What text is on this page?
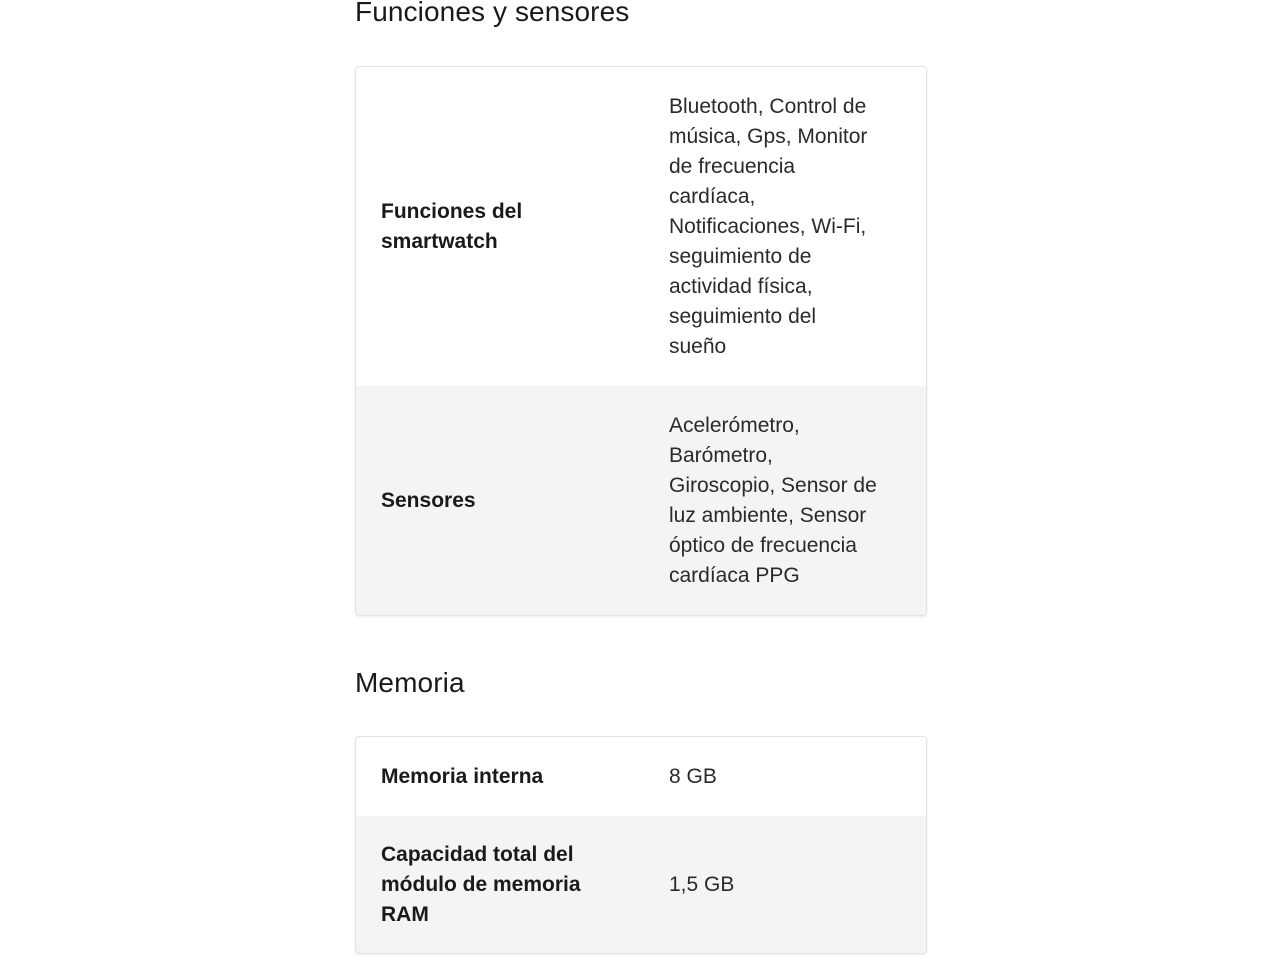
Funciones y sensores
Funciones del
smartwatch
Bluetooth, Control de
música, Gps, Monitor
de frecuencia
cardíaca,
Notificaciones, Wi-Fi,
seguimiento de
actividad física,
seguimiento del
sueño
Sensores
Acelerómetro,
Barómetro,
Giroscopio, Sensor de
luz ambiente, Sensor
óptico de frecuencia
cardíaca PPG
Memoria
Memoria interna	8 GB
Capacidad total del
módulo de memoria
RAM
1,5 GB
